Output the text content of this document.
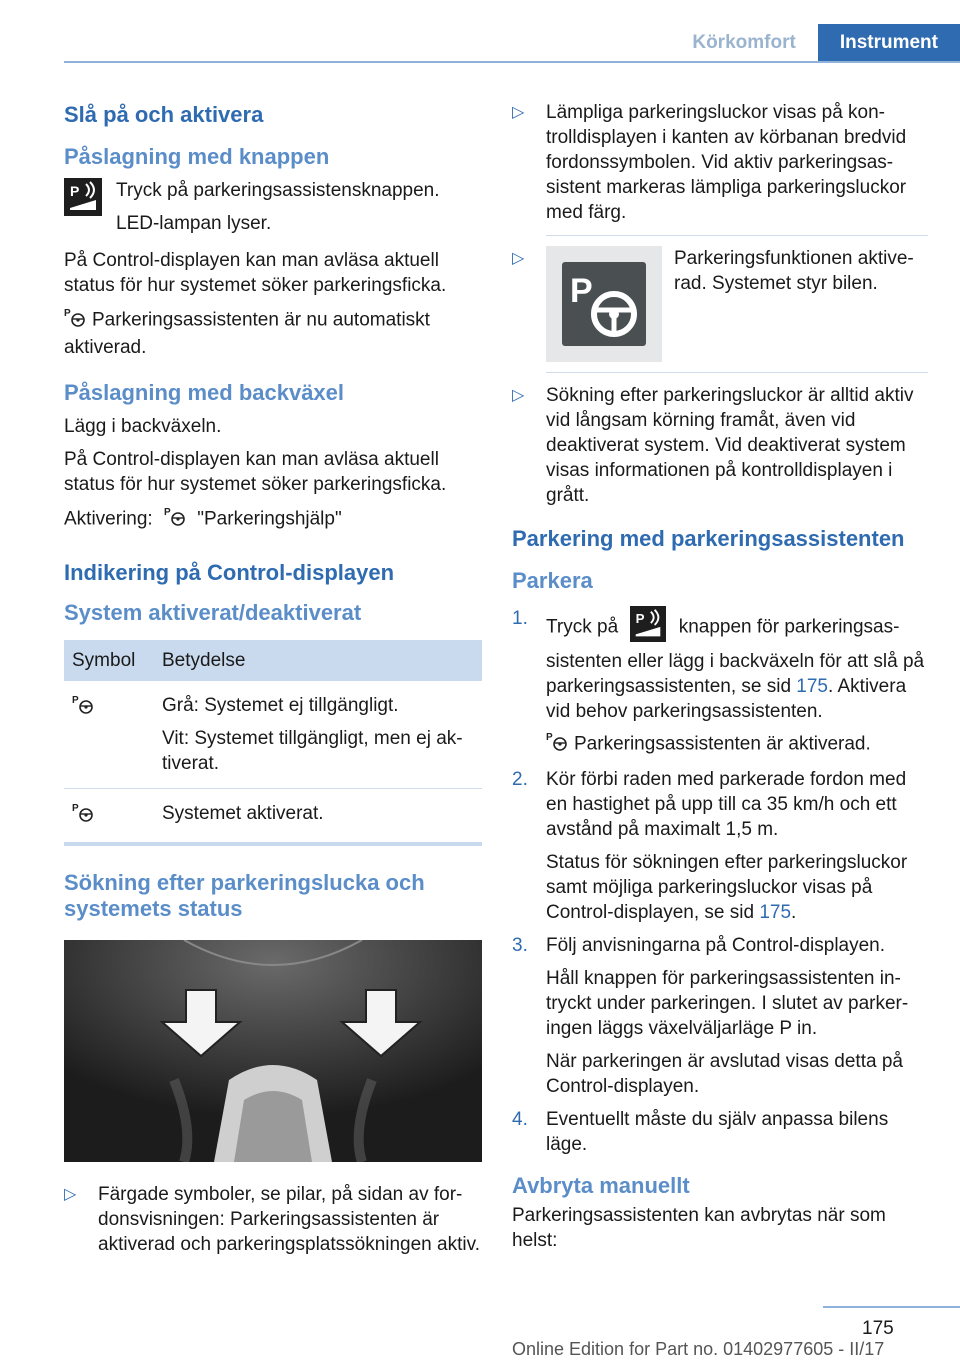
Körkomfort	Instrument
Slå på och aktivera
Påslagning med knappen
P Tryck på parkeringsassistensknappen.

LED-lampan lyser.

På Control-displayen kan man avläsa aktuell status för hur systemet söker parkeringsficka.

P Parkeringsassistenten är nu automatiskt aktiverad.

Påslagning med backväxel

Lägg i backväxeln.

På Control-displayen kan man avläsa aktuell status för hur systemet söker parkeringsficka.

Aktivering: P "Parkeringshjälp"

Indikering på Control-displayen
System aktiverat/deaktiverat
Symbol	Betydelse

P	Grå: Systemet ej tillgängligt.

Vit: Systemet tillgängligt, men ej aktiverat.

P	Systemet aktiverat.
Sökning efter parkeringslucka och systemets status
▷ Färgade symboler, se pilar, på sidan av fordonsvisningen: Parkeringsassistenten är aktiverad och parkeringsplatssökningen aktiv.
▷ Lämpliga parkeringsluckor visas på kontrolldisplayen i kanten av körbanan bredvid fordonssymbolen. Vid aktiv parkeringsassistent markeras lämpliga parkeringsluckor med färg.
▷ P
Parkeringsfunktionen aktiverad. Systemet styr bilen.
▷ Sökning efter parkeringsluckor är alltid aktiv vid långsam körning framåt, även vid deaktiverat system. Vid deaktiverat system visas informationen på kontrolldisplayen i grått.
Parkering med parkeringsassistenten
Parkera
1. Tryck på P knappen för parkeringsassistenten eller lägg i backväxeln för att slå på parkeringsassistenten, se sid 175. Aktivera vid behov parkeringsassistenten.

P Parkeringsassistenten är aktiverad.

2. Kör förbi raden med parkerade fordon med en hastighet på upp till ca 35 km/h och ett avstånd på maximalt 1,5 m.

Status för sökningen efter parkeringsluckor samt möjliga parkeringsluckor visas på Control-displayen, se sid 175.

3. Följ anvisningarna på Control-displayen.

Håll knappen för parkeringsassistenten intryckt under parkeringen. I slutet av parkeringen läggs växelväljarläge P in.

När parkeringen är avslutad visas detta på Control-displayen.

4. Eventuellt måste du själv anpassa bilens läge.

Avbryta manuellt

Parkeringsassistenten kan avbrytas när som helst:

175
Online Edition for Part no. 01402977605 - II/17
